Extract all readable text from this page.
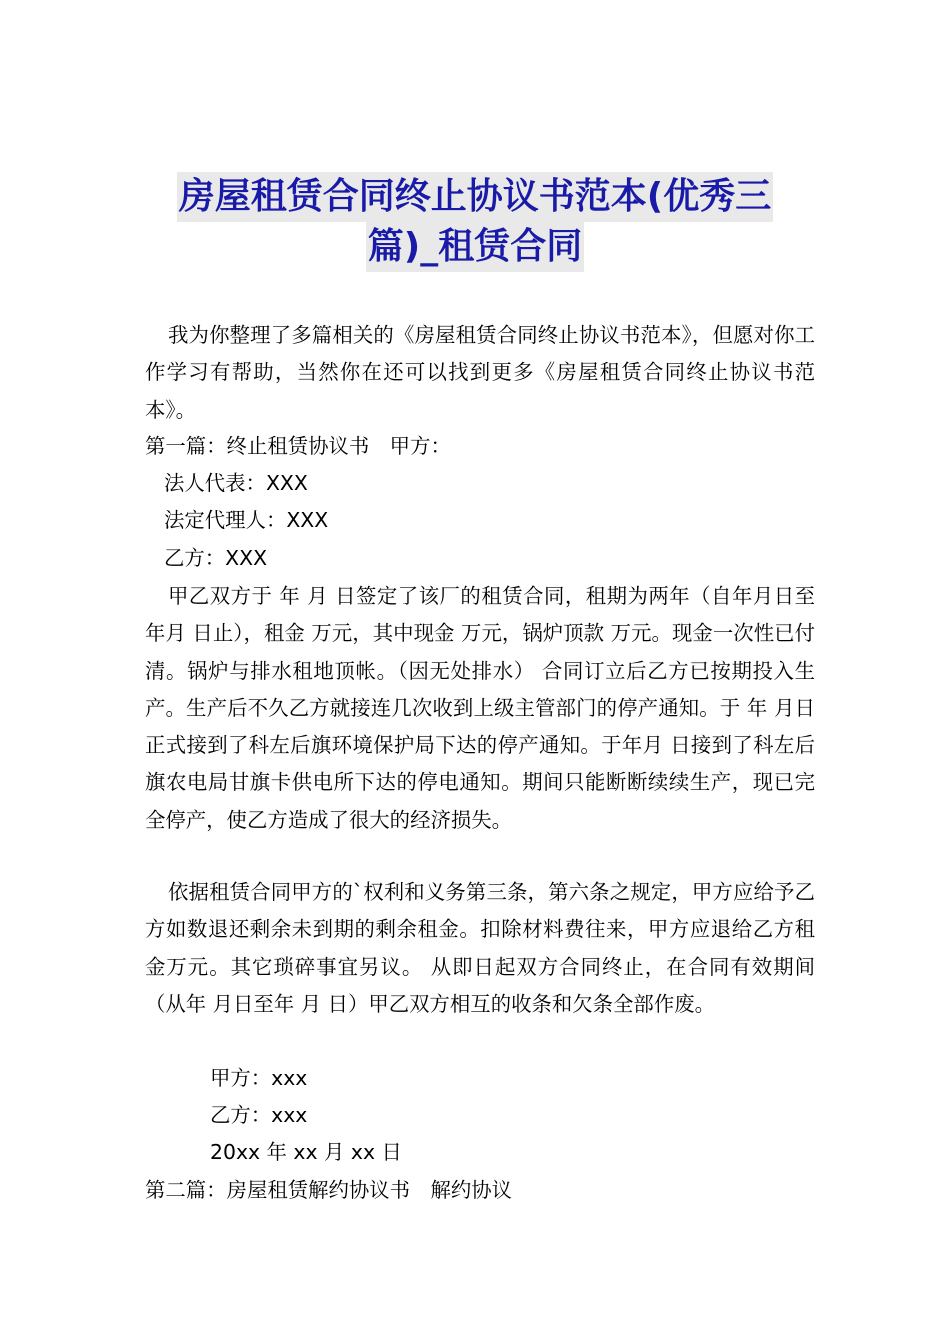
房屋租赁合同终止协议书范本(优秀三
篇)_租赁合同

我为你整理了多篇相关的《房屋租赁合同终止协议书范本》，但愿对你工作学习有帮助，当然你在还可以找到更多《房屋租赁合同终止协议书范本》。

第一篇：终止租赁协议书　甲方：
法人代表：XXX
法定代理人：XXX
乙方：XXX

甲乙双方于 年 月 日签定了该厂的租赁合同，租期为两年（自年月日至 年月 日止），租金 万元，其中现金 万元，锅炉顶款 万元。现金一次性已付清。锅炉与排水租地顶帐。（因无处排水） 合同订立后乙方已按期投入生产。生产后不久乙方就接连几次收到上级主管部门的停产通知。于 年 月日正式接到了科左后旗环境保护局下达的停产通知。于年月 日接到了科左后旗农电局甘旗卡供电所下达的停电通知。期间只能断断续续生产，现已完全停产，使乙方造成了很大的经济损失。

依据租赁合同甲方的`权利和义务第三条，第六条之规定，甲方应给予乙方如数退还剩余未到期的剩余租金。扣除材料费往来，甲方应退给乙方租金万元。其它琐碎事宜另议。 从即日起双方合同终止，在合同有效期间（从年 月日至年 月 日）甲乙双方相互的收条和欠条全部作废。

甲方：xxx
乙方：xxx
20xx 年 xx 月 xx 日
第二篇：房屋租赁解约协议书　解约协议
